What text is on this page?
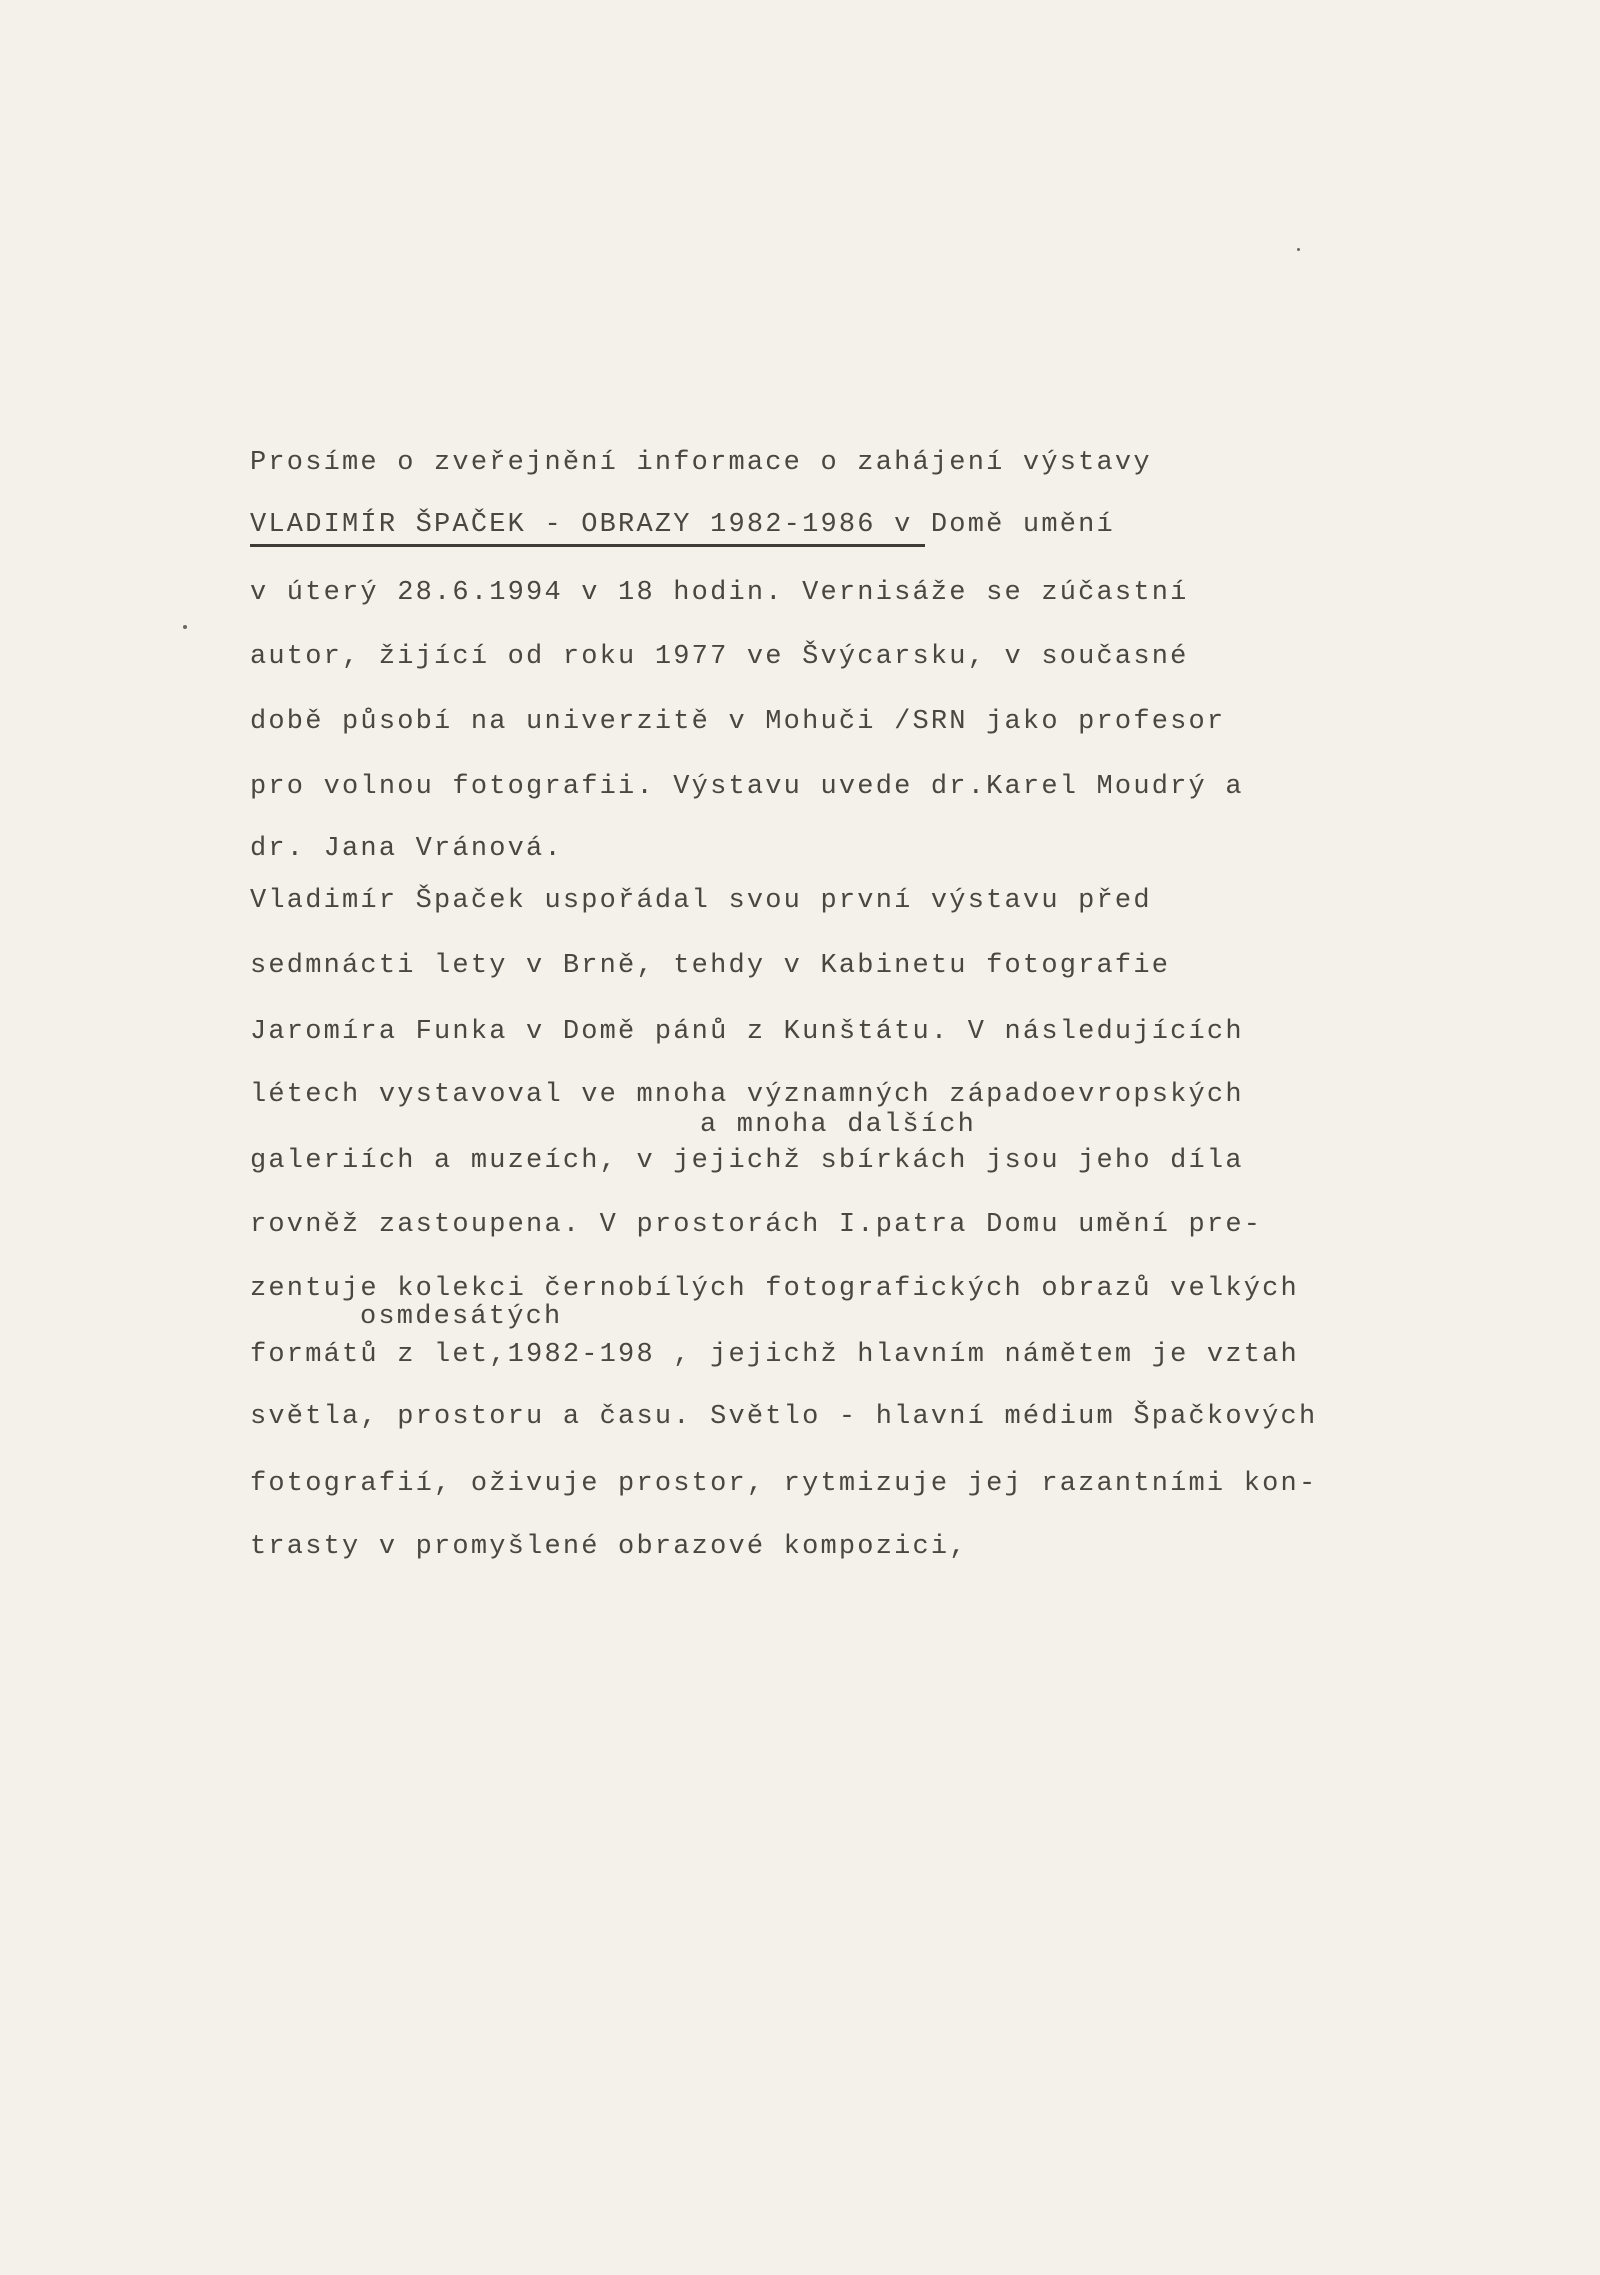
Prosíme o zveřejnění informace o zahájení výstavy

VLADIMÍR ŠPAČEK - OBRAZY 1982-1986 v Domě umění

v úterý 28.6.1994 v 18 hodin. Vernisáže se zúčastní

autor, žijící od roku 1977 ve Švýcarsku, v současné

době působí na univerzitě v Mohuči /SRN jako profesor

pro volnou fotografii. Výstavu uvede dr.Karel Moudrý a

dr. Jana Vránová.

Vladimír Špaček uspořádal svou první výstavu před

sedmnácti lety v Brně, tehdy v Kabinetu fotografie

Jaromíra Funka v Domě pánů z Kunštátu. V následujících

létech vystavoval ve mnoha významných západoevropských

a mnoha dalších

galeriích a muzeích, v jejichž sbírkách jsou jeho díla

rovněž zastoupena. V prostorách I.patra Domu umění pre-

zentuje kolekci černobílých fotografických obrazů velkých

osmdesátých

formátů z let,1982-198 , jejichž hlavním námětem je vztah

světla, prostoru a času. Světlo - hlavní médium Špačkových

fotografií, oživuje prostor, rytmizuje jej razantními kon-

trasty v promyšlené obrazové kompozici,
